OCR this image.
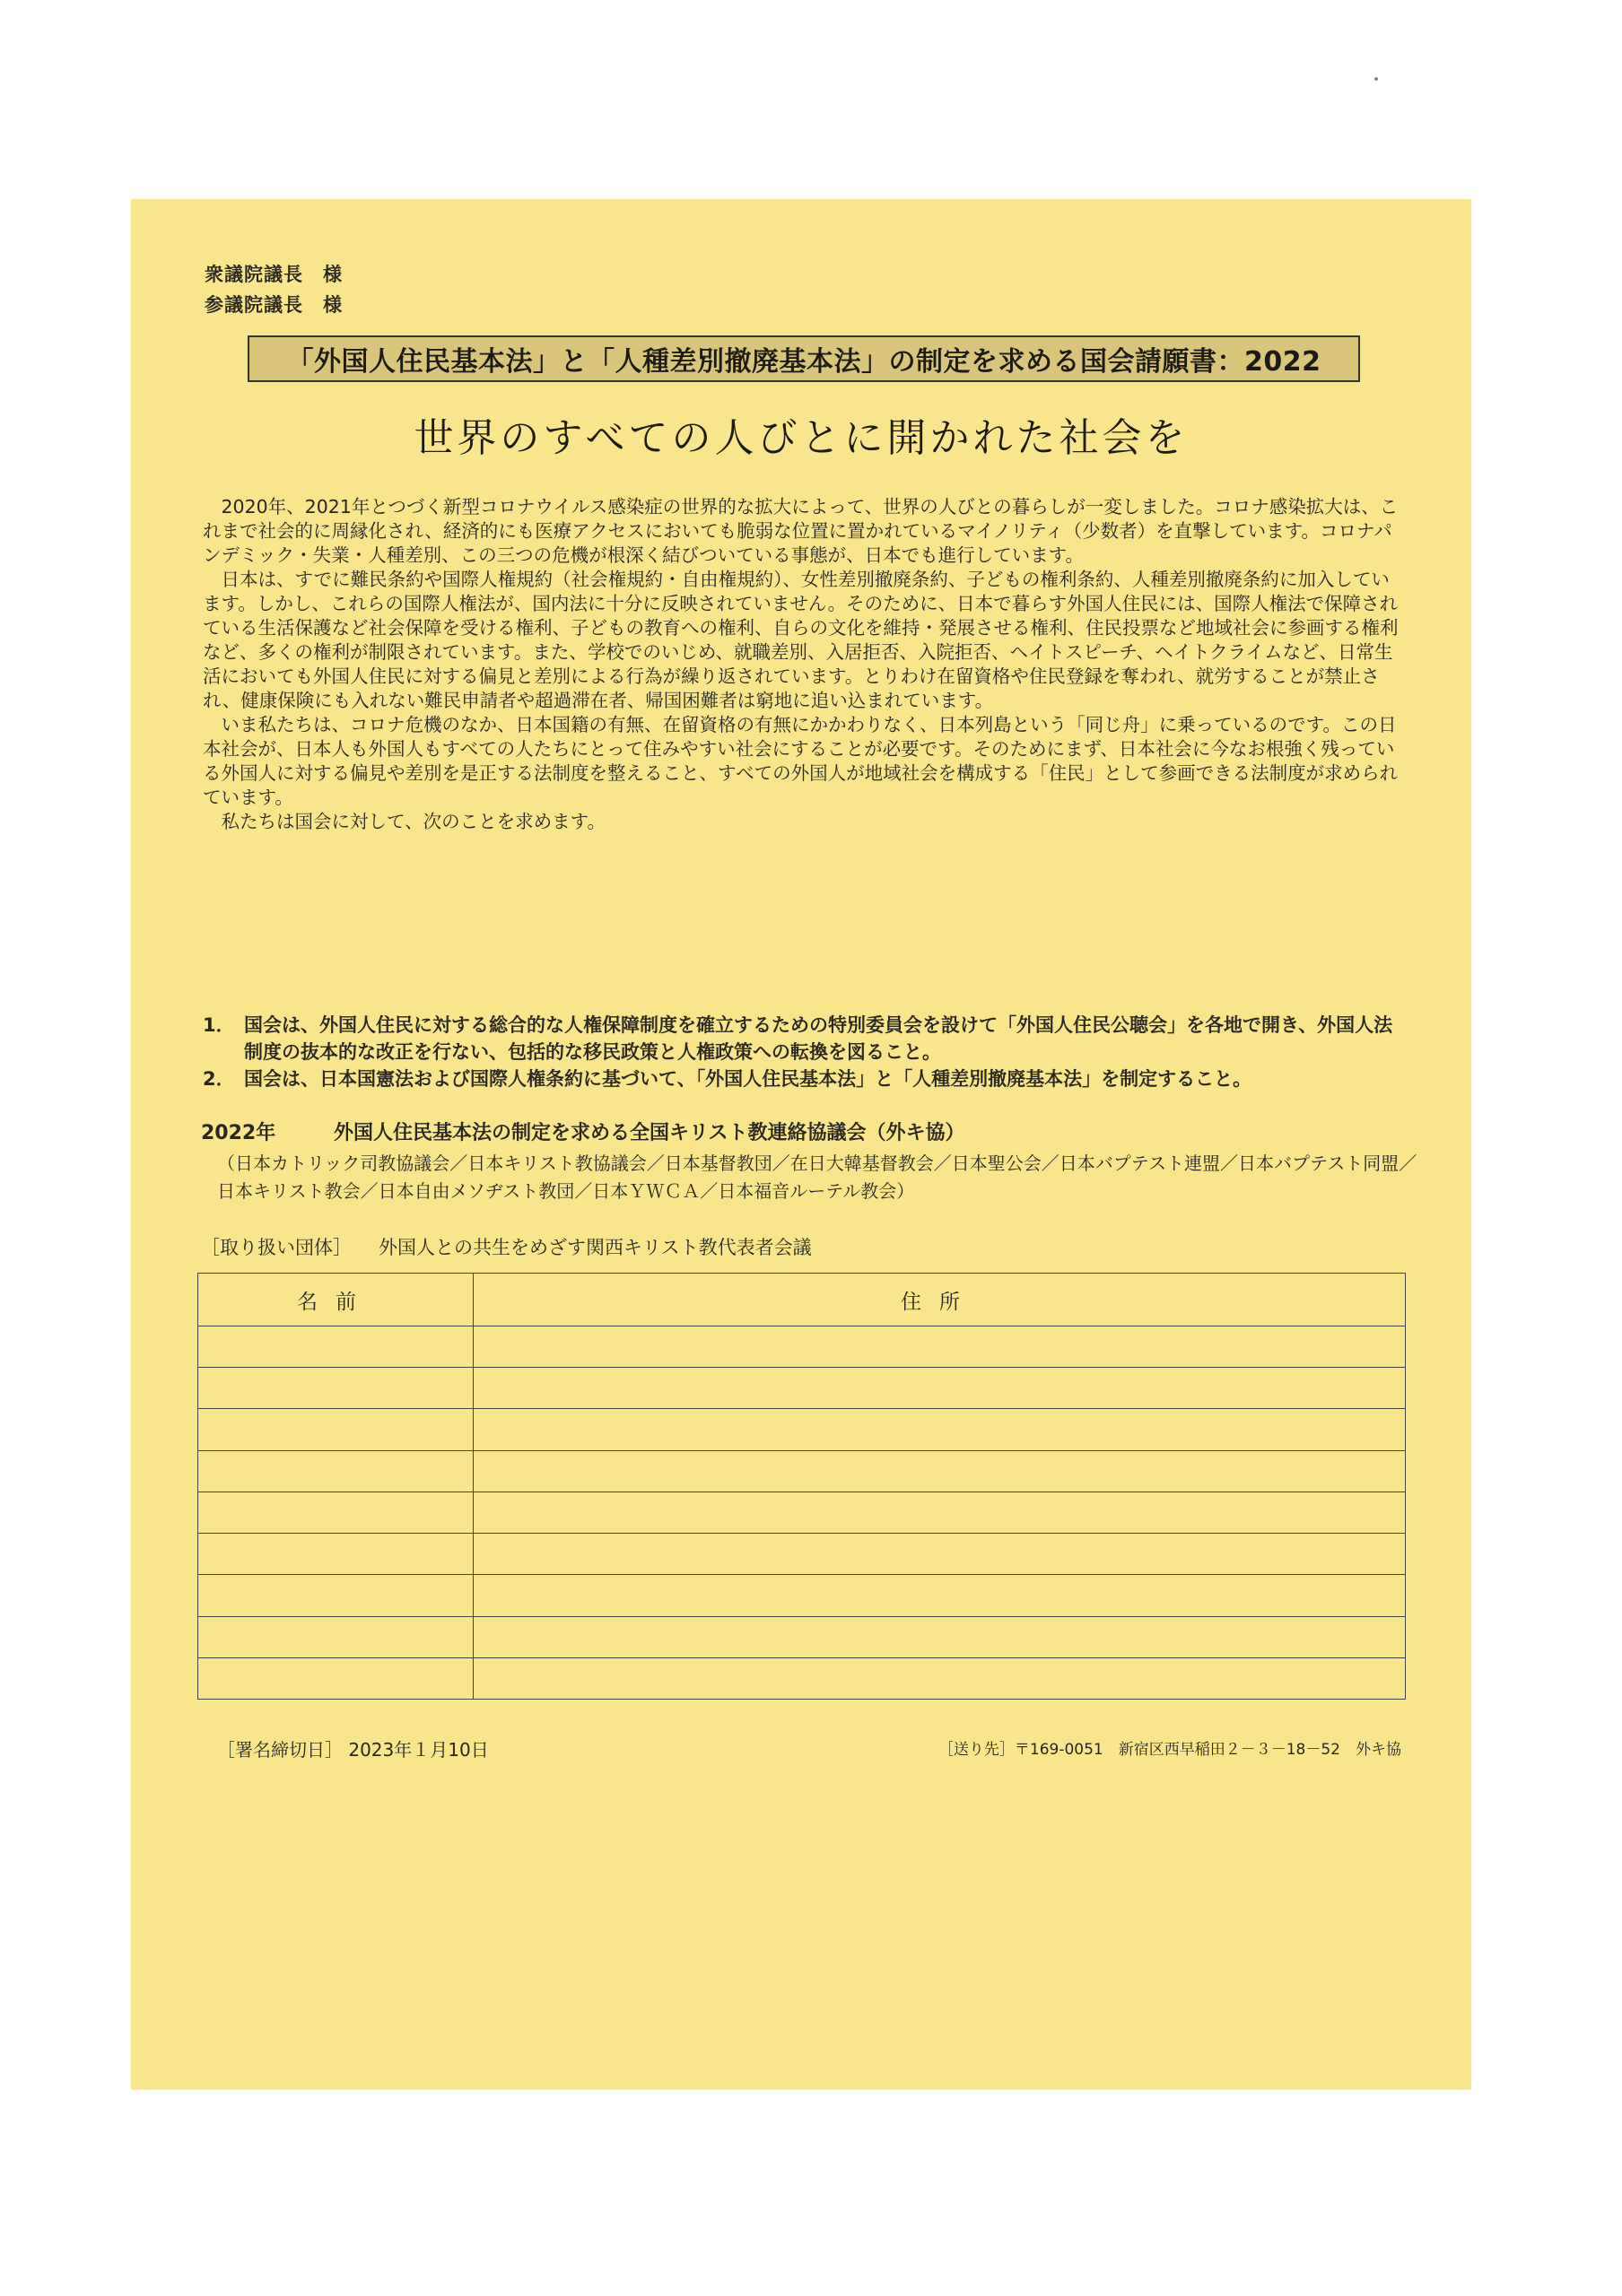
衆議院議長　様
参議院議長　様
「外国人住民基本法」と「人種差別撤廃基本法」の制定を求める国会請願書：2022
世界のすべての人びとに開かれた社会を

2020年、2021年とつづく新型コロナウイルス感染症の世界的な拡大によって、世界の人びとの暮らしが一変しました。コロナ感染拡大は、これまで社会的に周縁化され、経済的にも医療アクセスにおいても脆弱な位置に置かれているマイノリティ（少数者）を直撃しています。コロナパンデミック・失業・人種差別、この三つの危機が根深く結びついている事態が、日本でも進行しています。

日本は、すでに難民条約や国際人権規約（社会権規約・自由権規約）、女性差別撤廃条約、子どもの権利条約、人種差別撤廃条約に加入しています。しかし、これらの国際人権法が、国内法に十分に反映されていません。そのために、日本で暮らす外国人住民には、国際人権法で保障されている生活保護など社会保障を受ける権利、子どもの教育への権利、自らの文化を維持・発展させる権利、住民投票など地域社会に参画する権利など、多くの権利が制限されています。また、学校でのいじめ、就職差別、入居拒否、入院拒否、ヘイトスピーチ、ヘイトクライムなど、日常生活においても外国人住民に対する偏見と差別による行為が繰り返されています。とりわけ在留資格や住民登録を奪われ、就労することが禁止され、健康保険にも入れない難民申請者や超過滞在者、帰国困難者は窮地に追い込まれています。

いま私たちは、コロナ危機のなか、日本国籍の有無、在留資格の有無にかかわりなく、日本列島という「同じ舟」に乗っているのです。この日本社会が、日本人も外国人もすべての人たちにとって住みやすい社会にすることが必要です。そのためにまず、日本社会に今なお根強く残っている外国人に対する偏見や差別を是正する法制度を整えること、すべての外国人が地域社会を構成する「住民」として参画できる法制度が求められています。

私たちは国会に対して、次のことを求めます。

1． 国会は、外国人住民に対する総合的な人権保障制度を確立するための特別委員会を設けて「外国人住民公聴会」を各地で開き、外国人法制度の抜本的な改正を行ない、包括的な移民政策と人権政策への転換を図ること。
2． 国会は、日本国憲法および国際人権条約に基づいて、「外国人住民基本法」と「人種差別撤廃基本法」を制定すること。
2022年	外国人住民基本法の制定を求める全国キリスト教連絡協議会（外キ協）
（日本カトリック司教協議会／日本キリスト教協議会／日本基督教団／在日大韓基督教会／日本聖公会／日本バプテスト連盟／日本バプテスト同盟／日本キリスト教会／日本自由メソヂスト教団／日本ＹＷＣＡ／日本福音ルーテル教会）
［取り扱い団体］ 外国人との共生をめざす関西キリスト教代表者会議
名前	住所

［署名締切日］ 2023年１月10日	［送り先］〒169-0051　新宿区西早稲田２－３－18－52　外キ協
